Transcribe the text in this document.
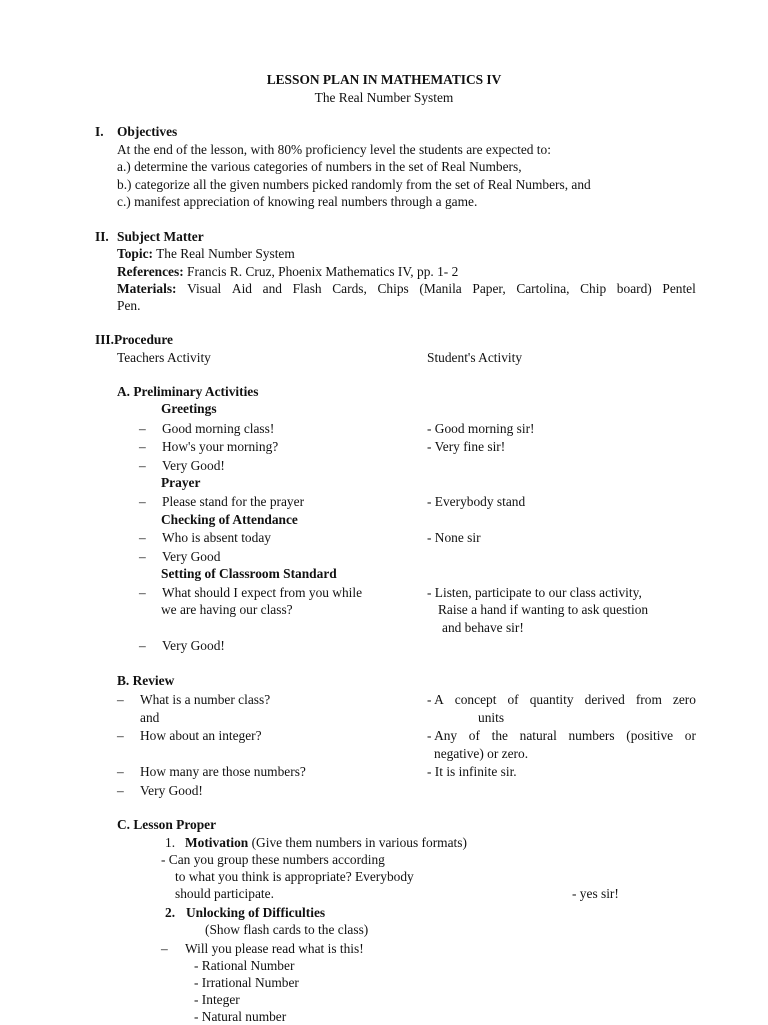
LESSON PLAN IN MATHEMATICS IV
The Real Number System
I. Objectives
At the end of the lesson, with 80% proficiency level the students are expected to:
a.) determine the various categories of numbers in the set of Real Numbers,
b.) categorize all the given numbers picked randomly from the set of Real Numbers, and
c.) manifest appreciation of knowing real numbers through a game.
II. Subject Matter
Topic: The Real Number System
References: Francis R. Cruz, Phoenix Mathematics IV, pp. 1- 2
Materials: Visual Aid and Flash Cards, Chips (Manila Paper, Cartolina, Chip board) Pentel
Pen.
III.Procedure
Teachers Activity	Student's Activity
A. Preliminary Activities
Greetings
– Good morning class!	- Good morning sir!
– How's your morning?	- Very fine sir!
– Very Good!
Prayer
– Please stand for the prayer	- Everybody stand
Checking of Attendance
– Who is absent today	- None sir
– Very Good
Setting of Classroom Standard
– What should I expect from you while	- Listen, participate to our class activity,
we are having our class?	Raise a hand if wanting to ask question
and behave sir!
– Very Good!
B. Review
– What is a number class?	- A concept of quantity derived from zero
and	units
– How about an integer?	- Any of the natural numbers (positive or
negative) or zero.
– How many are those numbers?	- It is infinite sir.
– Very Good!
C. Lesson Proper
1. Motivation (Give them numbers in various formats)
- Can you group these numbers according
to what you think is appropriate? Everybody
should participate.	- yes sir!
2. Unlocking of Difficulties
(Show flash cards to the class)
– Will you please read what is this!
- Rational Number
- Irrational Number
- Integer
- Natural number
